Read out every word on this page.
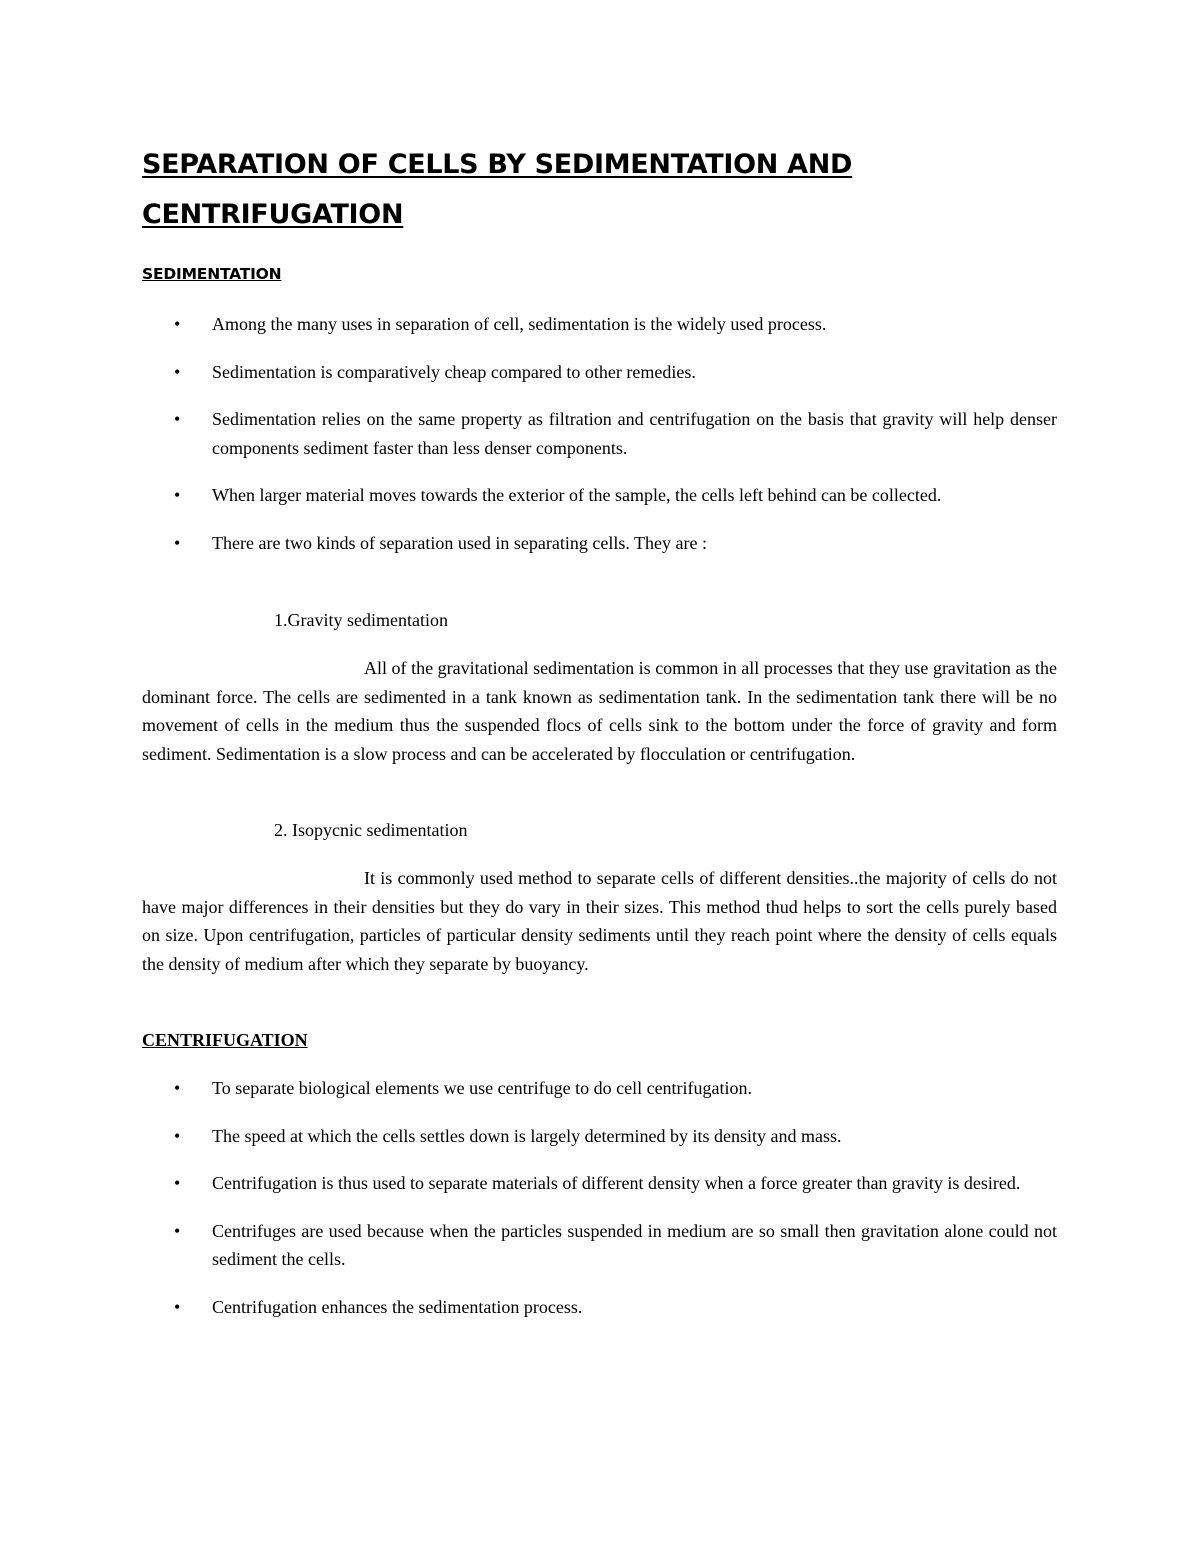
SEPARATION OF CELLS BY SEDIMENTATION AND CENTRIFUGATION
SEDIMENTATION
• Among the many uses in separation of cell, sedimentation is the widely used process.
• Sedimentation is comparatively cheap compared to other remedies.
• Sedimentation relies on the same property as filtration and centrifugation on the basis that gravity will help denser components sediment faster than less denser components.
• When larger material moves towards the exterior of the sample, the cells left behind can be collected.
• There are two kinds of separation used in separating cells. They are :

1.Gravity sedimentation

All of the gravitational sedimentation is common in all processes that they use gravitation as the dominant force. The cells are sedimented in a tank known as sedimentation tank. In the sedimentation tank there will be no movement of cells in the medium thus the suspended flocs of cells sink to the bottom under the force of gravity and form sediment. Sedimentation is a slow process and can be accelerated by flocculation or centrifugation.

2. Isopycnic sedimentation

It is commonly used method to separate cells of different densities..the majority of cells do not have major differences in their densities but they do vary in their sizes. This method thud helps to sort the cells purely based on size. Upon centrifugation, particles of particular density sediments until they reach point where the density of cells equals the density of medium after which they separate by buoyancy.

CENTRIFUGATION
• To separate biological elements we use centrifuge to do cell centrifugation.
• The speed at which the cells settles down is largely determined by its density and mass.
• Centrifugation is thus used to separate materials of different density when a force greater than gravity is desired.
• Centrifuges are used because when the particles suspended in medium are so small then gravitation alone could not sediment the cells.
• Centrifugation enhances the sedimentation process.
